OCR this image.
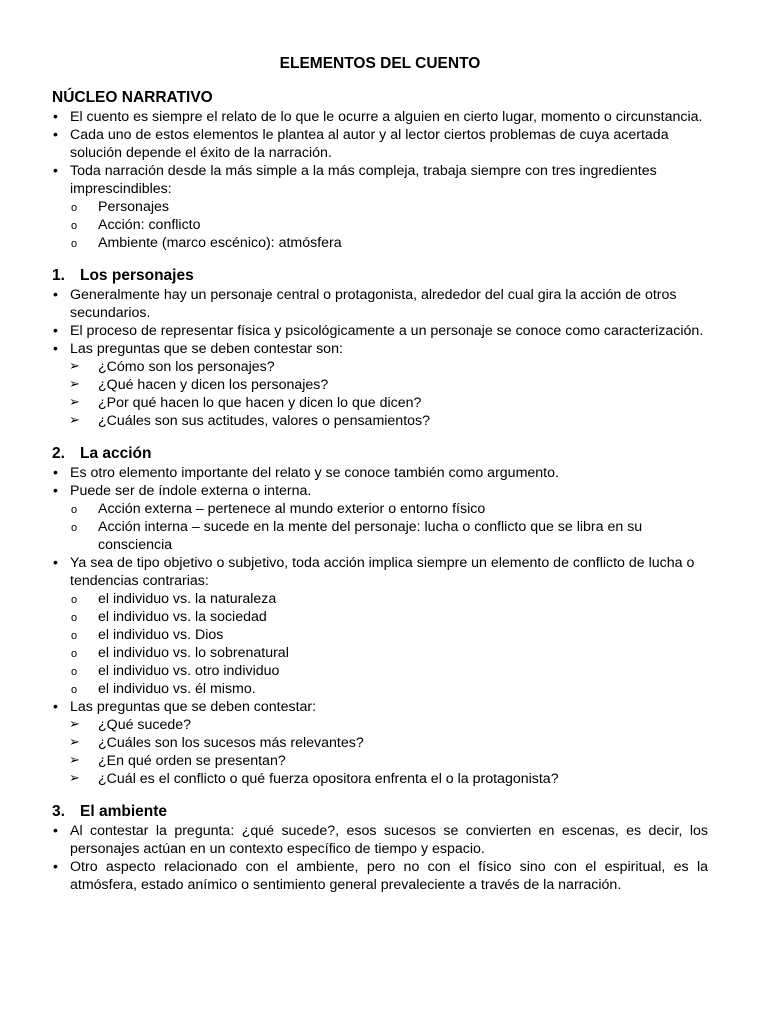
ELEMENTOS DEL CUENTO
NÚCLEO NARRATIVO
• El cuento es siempre el relato de lo que le ocurre a alguien en cierto lugar, momento o circunstancia.
• Cada uno de estos elementos le plantea al autor y al lector ciertos problemas de cuya acertada solución depende el éxito de la narración.
• Toda narración desde la más simple a la más compleja, trabaja siempre con tres ingredientes imprescindibles:
o Personajes
o Acción: conflicto
o Ambiente (marco escénico): atmósfera
1. Los personajes
• Generalmente hay un personaje central o protagonista, alrededor del cual gira la acción de otros secundarios.
• El proceso de representar física y psicológicamente a un personaje se conoce como caracterización.
• Las preguntas que se deben contestar son:
➢ ¿Cómo son los personajes?
➢ ¿Qué hacen y dicen los personajes?
➢ ¿Por qué hacen lo que hacen y dicen lo que dicen?
➢ ¿Cuáles son sus actitudes, valores o pensamientos?
2. La acción
• Es otro elemento importante del relato y se conoce también como argumento.
• Puede ser de índole externa o interna.
o Acción externa – pertenece al mundo exterior o entorno físico
o Acción interna – sucede en la mente del personaje: lucha o conflicto que se libra en su consciencia
• Ya sea de tipo objetivo o subjetivo, toda acción implica siempre un elemento de conflicto de lucha o tendencias contrarias:
o el individuo vs. la naturaleza
o el individuo vs. la sociedad
o el individuo vs. Dios
o el individuo vs. lo sobrenatural
o el individuo vs. otro individuo
o el individuo vs. él mismo.
• Las preguntas que se deben contestar:
➢ ¿Qué sucede?
➢ ¿Cuáles son los sucesos más relevantes?
➢ ¿En qué orden se presentan?
➢ ¿Cuál es el conflicto o qué fuerza opositora enfrenta el o la protagonista?
3. El ambiente
• Al contestar la pregunta: ¿qué sucede?, esos sucesos se convierten en escenas, es decir, los personajes actúan en un contexto específico de tiempo y espacio.
• Otro aspecto relacionado con el ambiente, pero no con el físico sino con el espiritual, es la atmósfera, estado anímico o sentimiento general prevaleciente a través de la narración.
